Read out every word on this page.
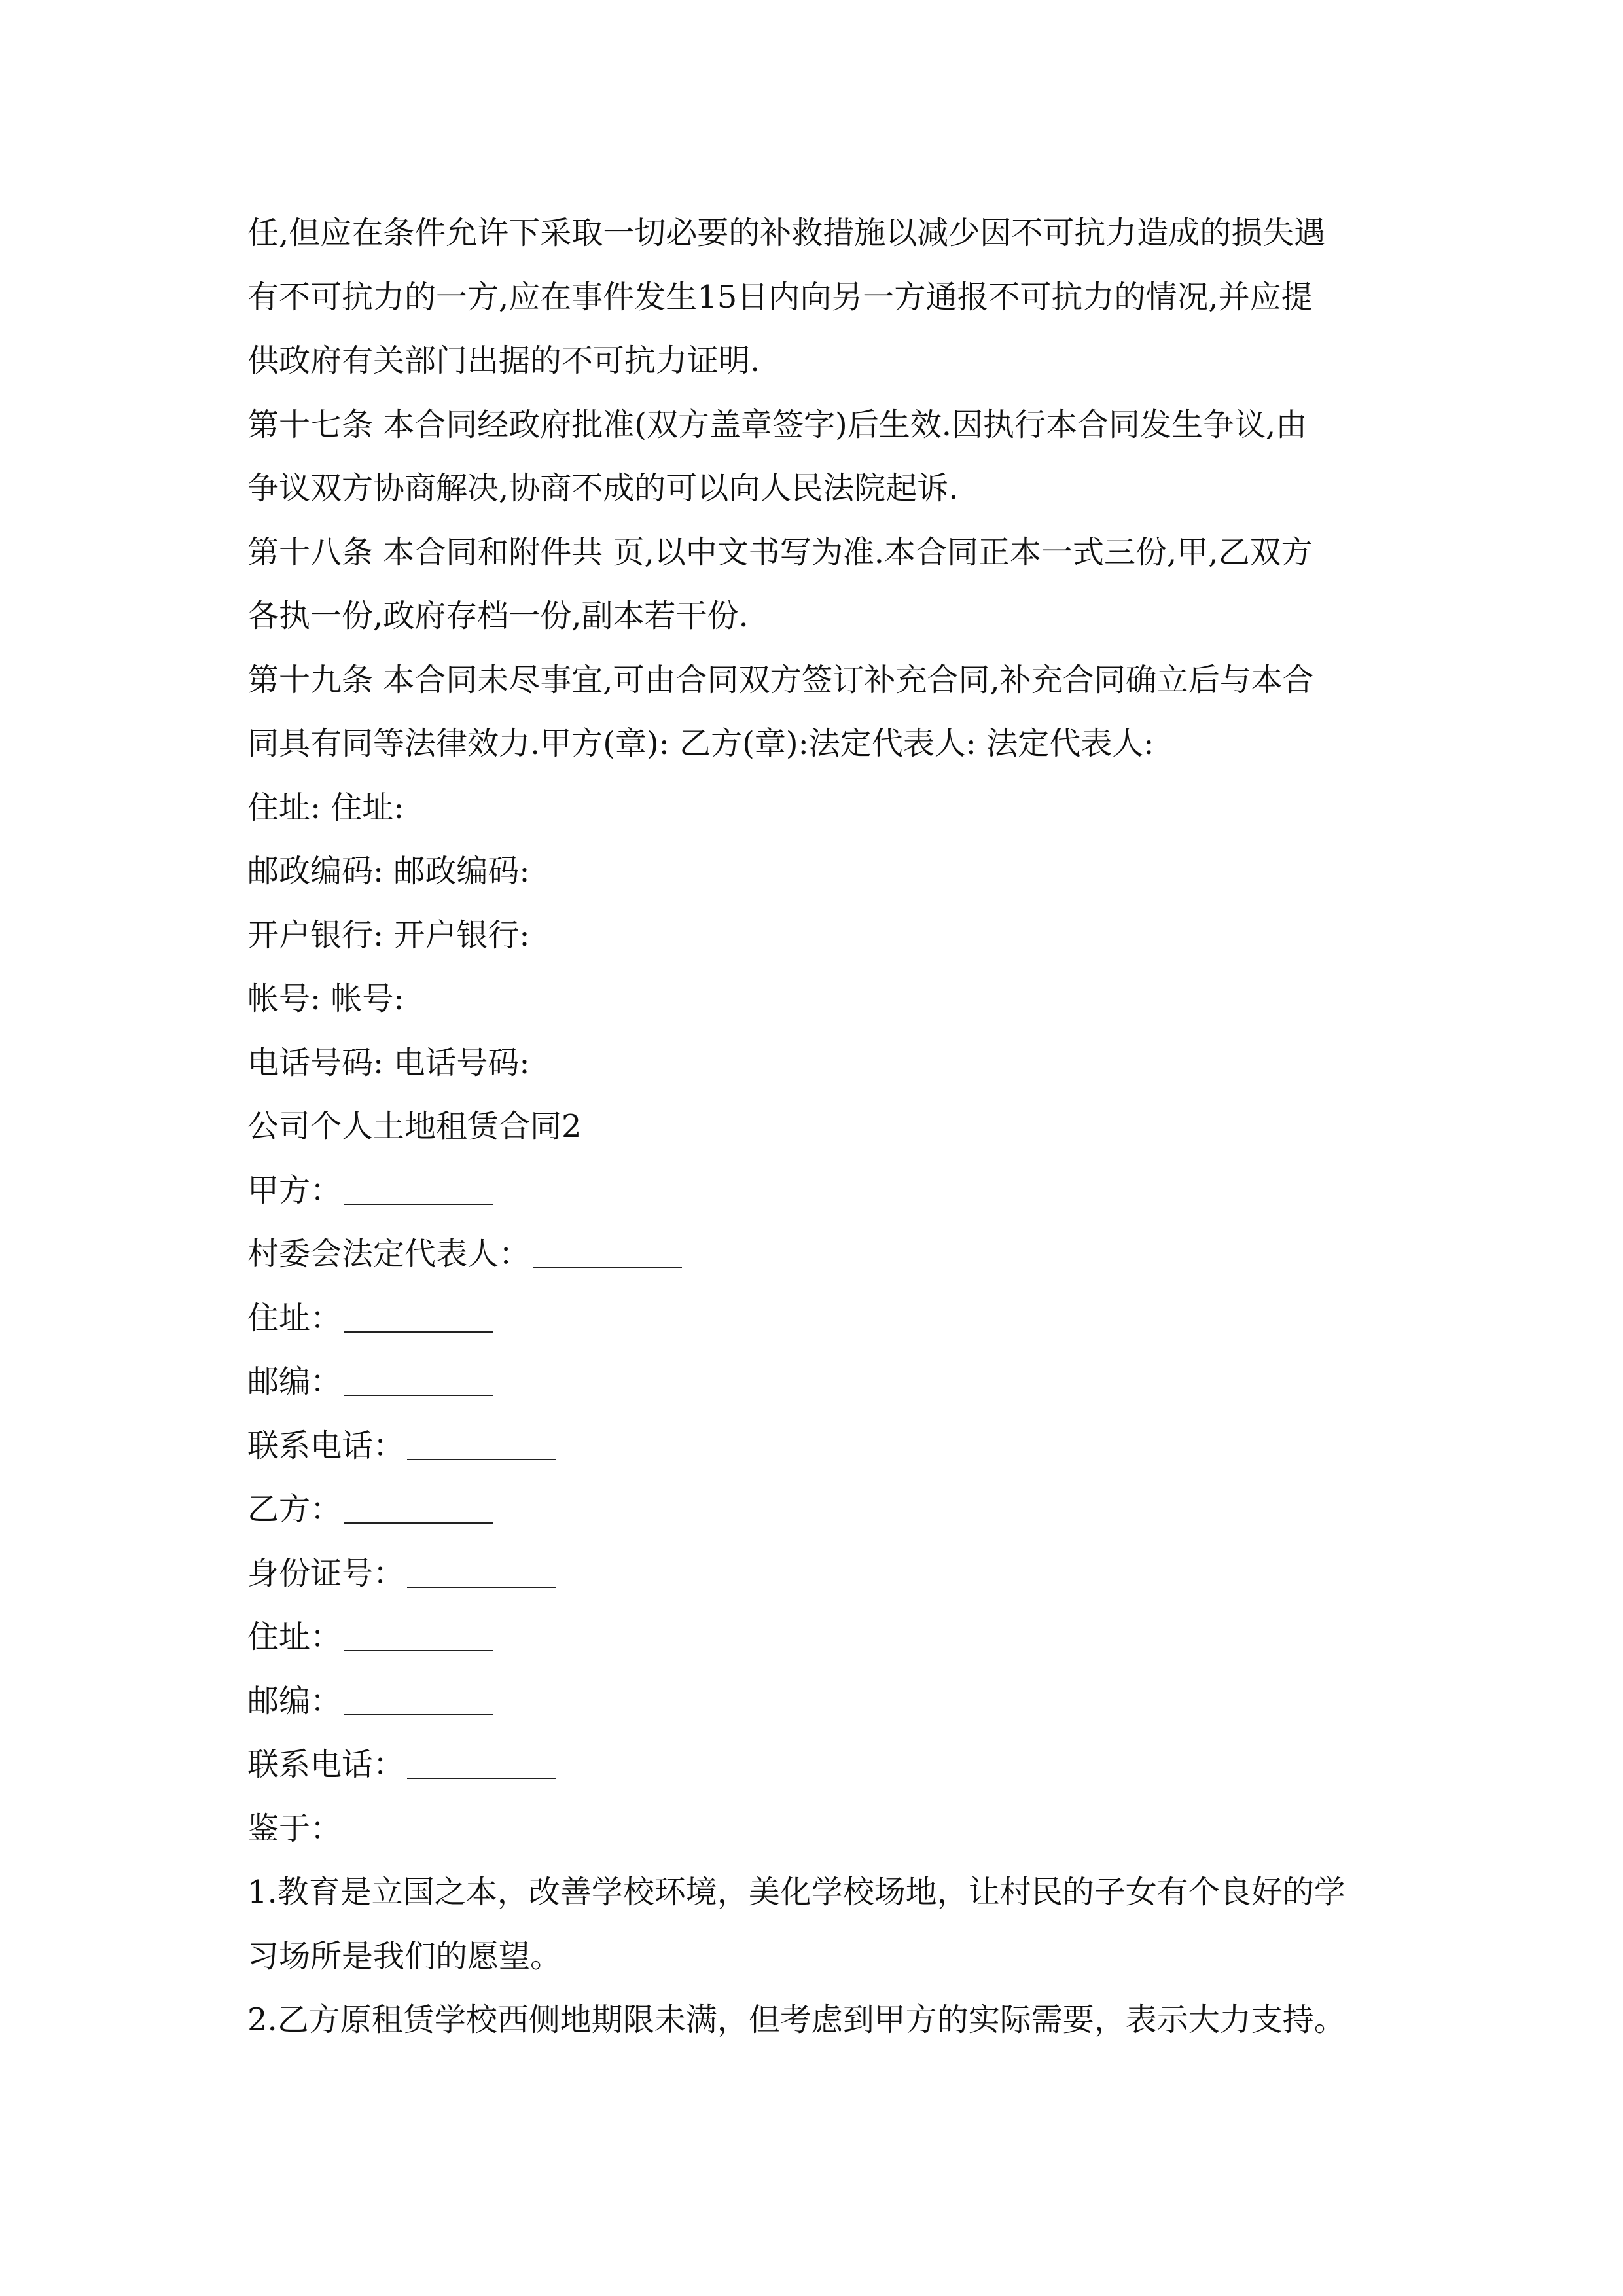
任,但应在条件允许下采取一切必要的补救措施以减少因不可抗力造成的损失遇
有不可抗力的一方,应在事件发生15日内向另一方通报不可抗力的情况,并应提
供政府有关部门出据的不可抗力证明.
第十七条 本合同经政府批准(双方盖章签字)后生效.因执行本合同发生争议,由
争议双方协商解决,协商不成的可以向人民法院起诉.
第十八条 本合同和附件共 页,以中文书写为准.本合同正本一式三份,甲,乙双方
各执一份,政府存档一份,副本若干份.
第十九条 本合同未尽事宜,可由合同双方签订补充合同,补充合同确立后与本合
同具有同等法律效力.甲方(章): 乙方(章):法定代表人: 法定代表人:
住址: 住址:
邮政编码: 邮政编码:
开户银行: 开户银行:
帐号: 帐号:
电话号码: 电话号码:
公司个人土地租赁合同2
甲方：
村委会法定代表人：
住址：
邮编：
联系电话：
乙方：
身份证号：
住址：
邮编：
联系电话：
鉴于：
1.教育是立国之本，改善学校环境，美化学校场地，让村民的子女有个良好的学
习场所是我们的愿望。
2.乙方原租赁学校西侧地期限未满，但考虑到甲方的实际需要，表示大力支持。
